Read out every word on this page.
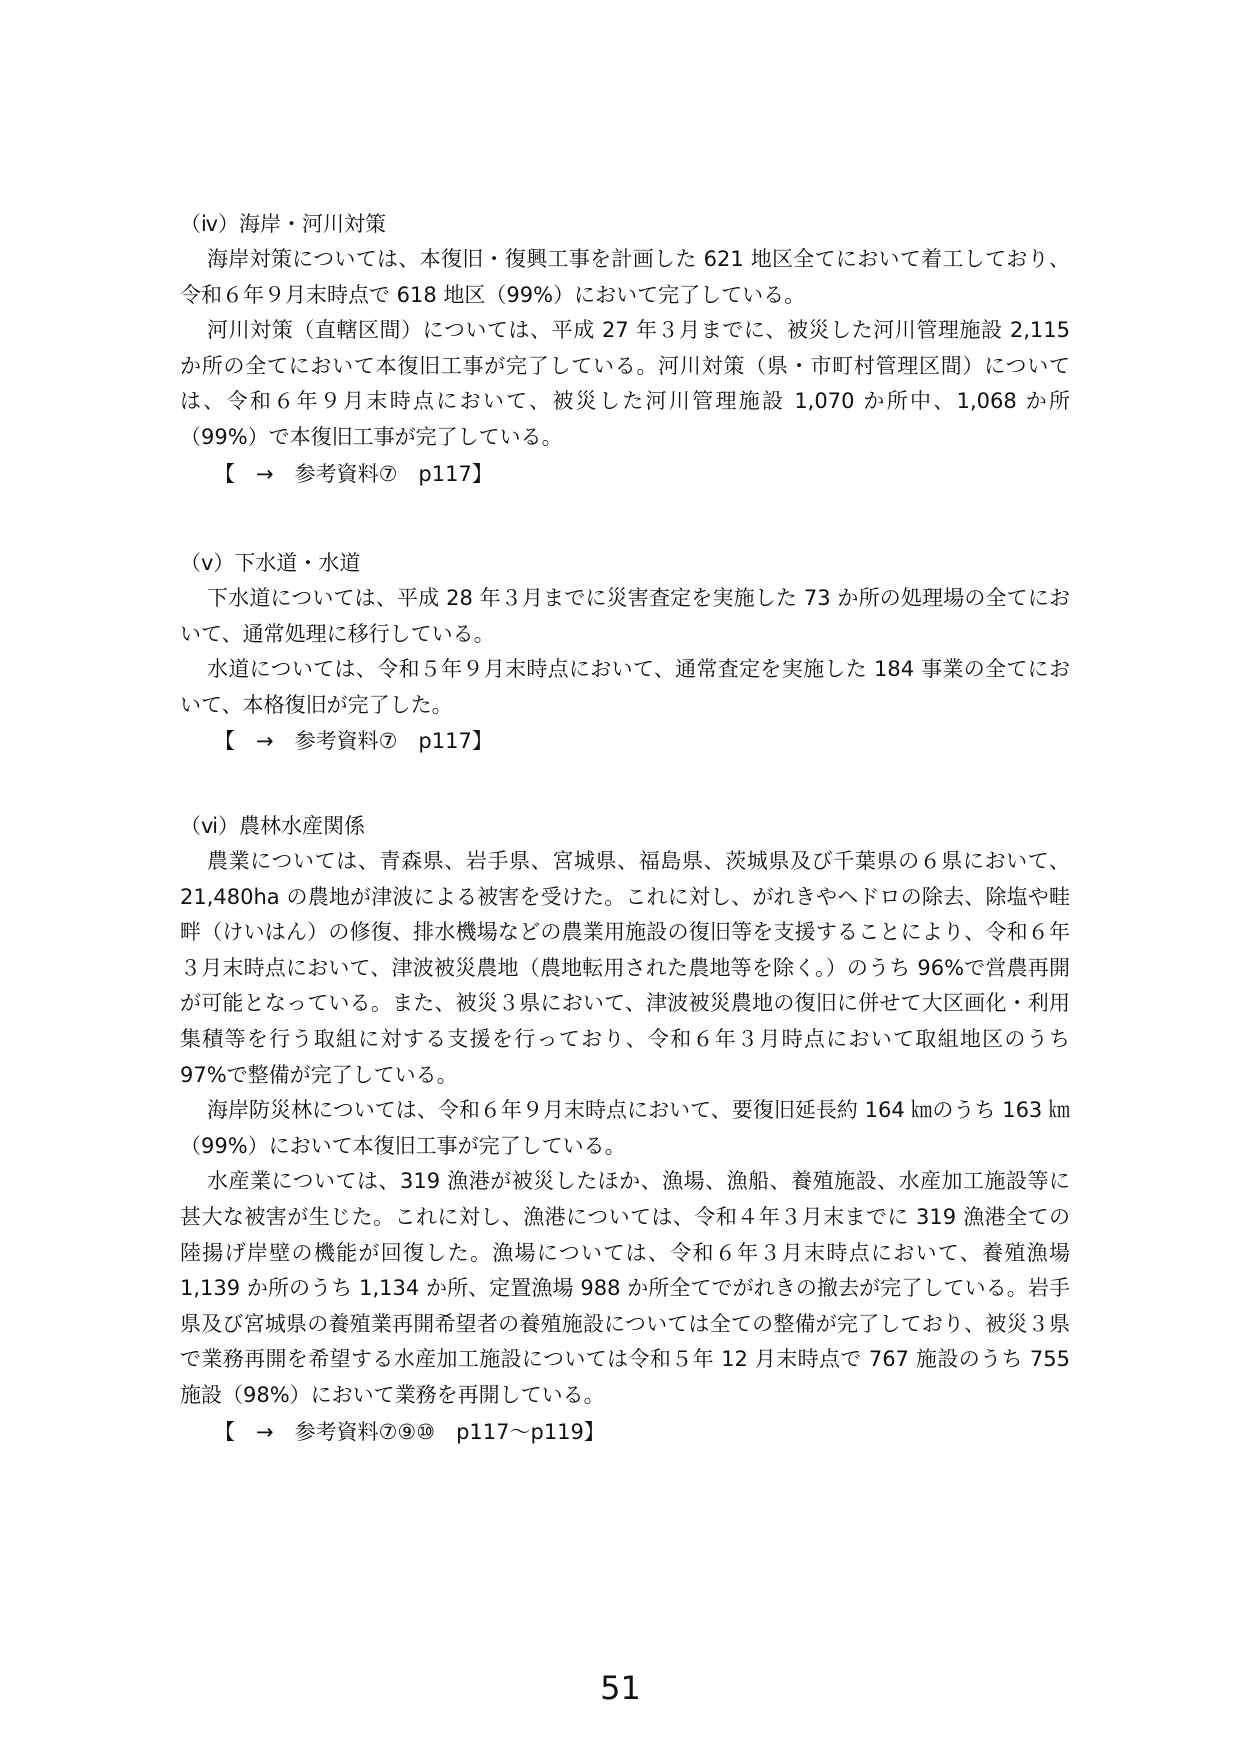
（ⅳ）海岸・河川対策

海岸対策については、本復旧・復興工事を計画した 621 地区全てにおいて着工しており、令和６年９月末時点で 618 地区（99%）において完了している。

河川対策（直轄区間）については、平成 27 年３月までに、被災した河川管理施設 2,115 か所の全てにおいて本復旧工事が完了している。河川対策（県・市町村管理区間）については、令和６年９月末時点において、被災した河川管理施設 1,070 か所中、1,068 か所（99%）で本復旧工事が完了している。

【　→　参考資料⑦　p117】

（ⅴ）下水道・水道

下水道については、平成 28 年３月までに災害査定を実施した 73 か所の処理場の全てにおいて、通常処理に移行している。

水道については、令和５年９月末時点において、通常査定を実施した 184 事業の全てにおいて、本格復旧が完了した。

【　→　参考資料⑦　p117】

（ⅵ）農林水産関係

農業については、青森県、岩手県、宮城県、福島県、茨城県及び千葉県の６県において、21,480ha の農地が津波による被害を受けた。これに対し、がれきやヘドロの除去、除塩や畦畔（けいはん）の修復、排水機場などの農業用施設の復旧等を支援することにより、令和６年３月末時点において、津波被災農地（農地転用された農地等を除く。）のうち 96%で営農再開が可能となっている。また、被災３県において、津波被災農地の復旧に併せて大区画化・利用集積等を行う取組に対する支援を行っており、令和６年３月時点において取組地区のうち 97%で整備が完了している。

海岸防災林については、令和６年９月末時点において、要復旧延長約 164 ㎞のうち 163 ㎞（99%）において本復旧工事が完了している。

水産業については、319 漁港が被災したほか、漁場、漁船、養殖施設、水産加工施設等に甚大な被害が生じた。これに対し、漁港については、令和４年３月末までに 319 漁港全ての陸揚げ岸壁の機能が回復した。漁場については、令和６年３月末時点において、養殖漁場 1,139 か所のうち 1,134 か所、定置漁場 988 か所全てでがれきの撤去が完了している。岩手県及び宮城県の養殖業再開希望者の養殖施設については全ての整備が完了しており、被災３県で業務再開を希望する水産加工施設については令和５年 12 月末時点で 767 施設のうち 755 施設（98%）において業務を再開している。

【　→　参考資料⑦⑨⑩　p117～p119】

51
